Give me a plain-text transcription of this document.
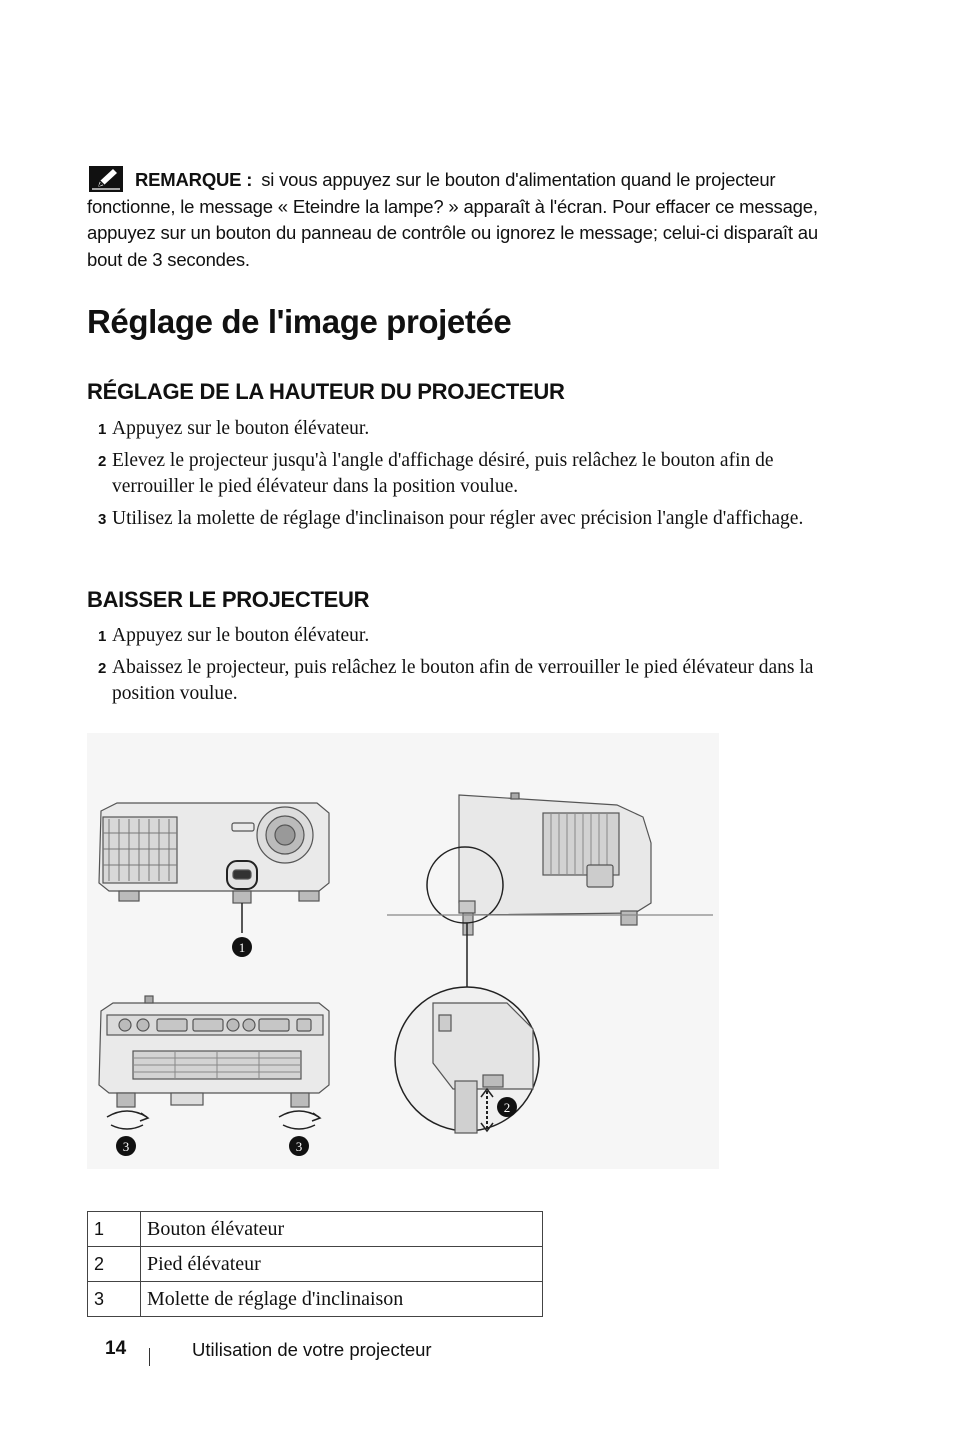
REMARQUE : si vous appuyez sur le bouton d'alimentation quand le projecteur fonctionne, le message « Eteindre la lampe? » apparaît à l'écran. Pour effacer ce message, appuyez sur un bouton du panneau de contrôle ou ignorez le message; celui-ci disparaît au bout de 3 secondes.
Réglage de l'image projetée
RÉGLAGE DE LA HAUTEUR DU PROJECTEUR
1 Appuyez sur le bouton élévateur.
2 Elevez le projecteur jusqu'à l'angle d'affichage désiré, puis relâchez le bouton afin de verrouiller le pied élévateur dans la position voulue.
3 Utilisez la molette de réglage d'inclinaison pour régler avec précision l'angle d'affichage.
BAISSER LE PROJECTEUR
1 Appuyez sur le bouton élévateur.
2 Abaissez le projecteur, puis relâchez le bouton afin de verrouiller le pied élévateur dans la position voulue.
1
2
3	3
1	Bouton élévateur
2	Pied élévateur
3	Molette de réglage d'inclinaison
14	Utilisation de votre projecteur
